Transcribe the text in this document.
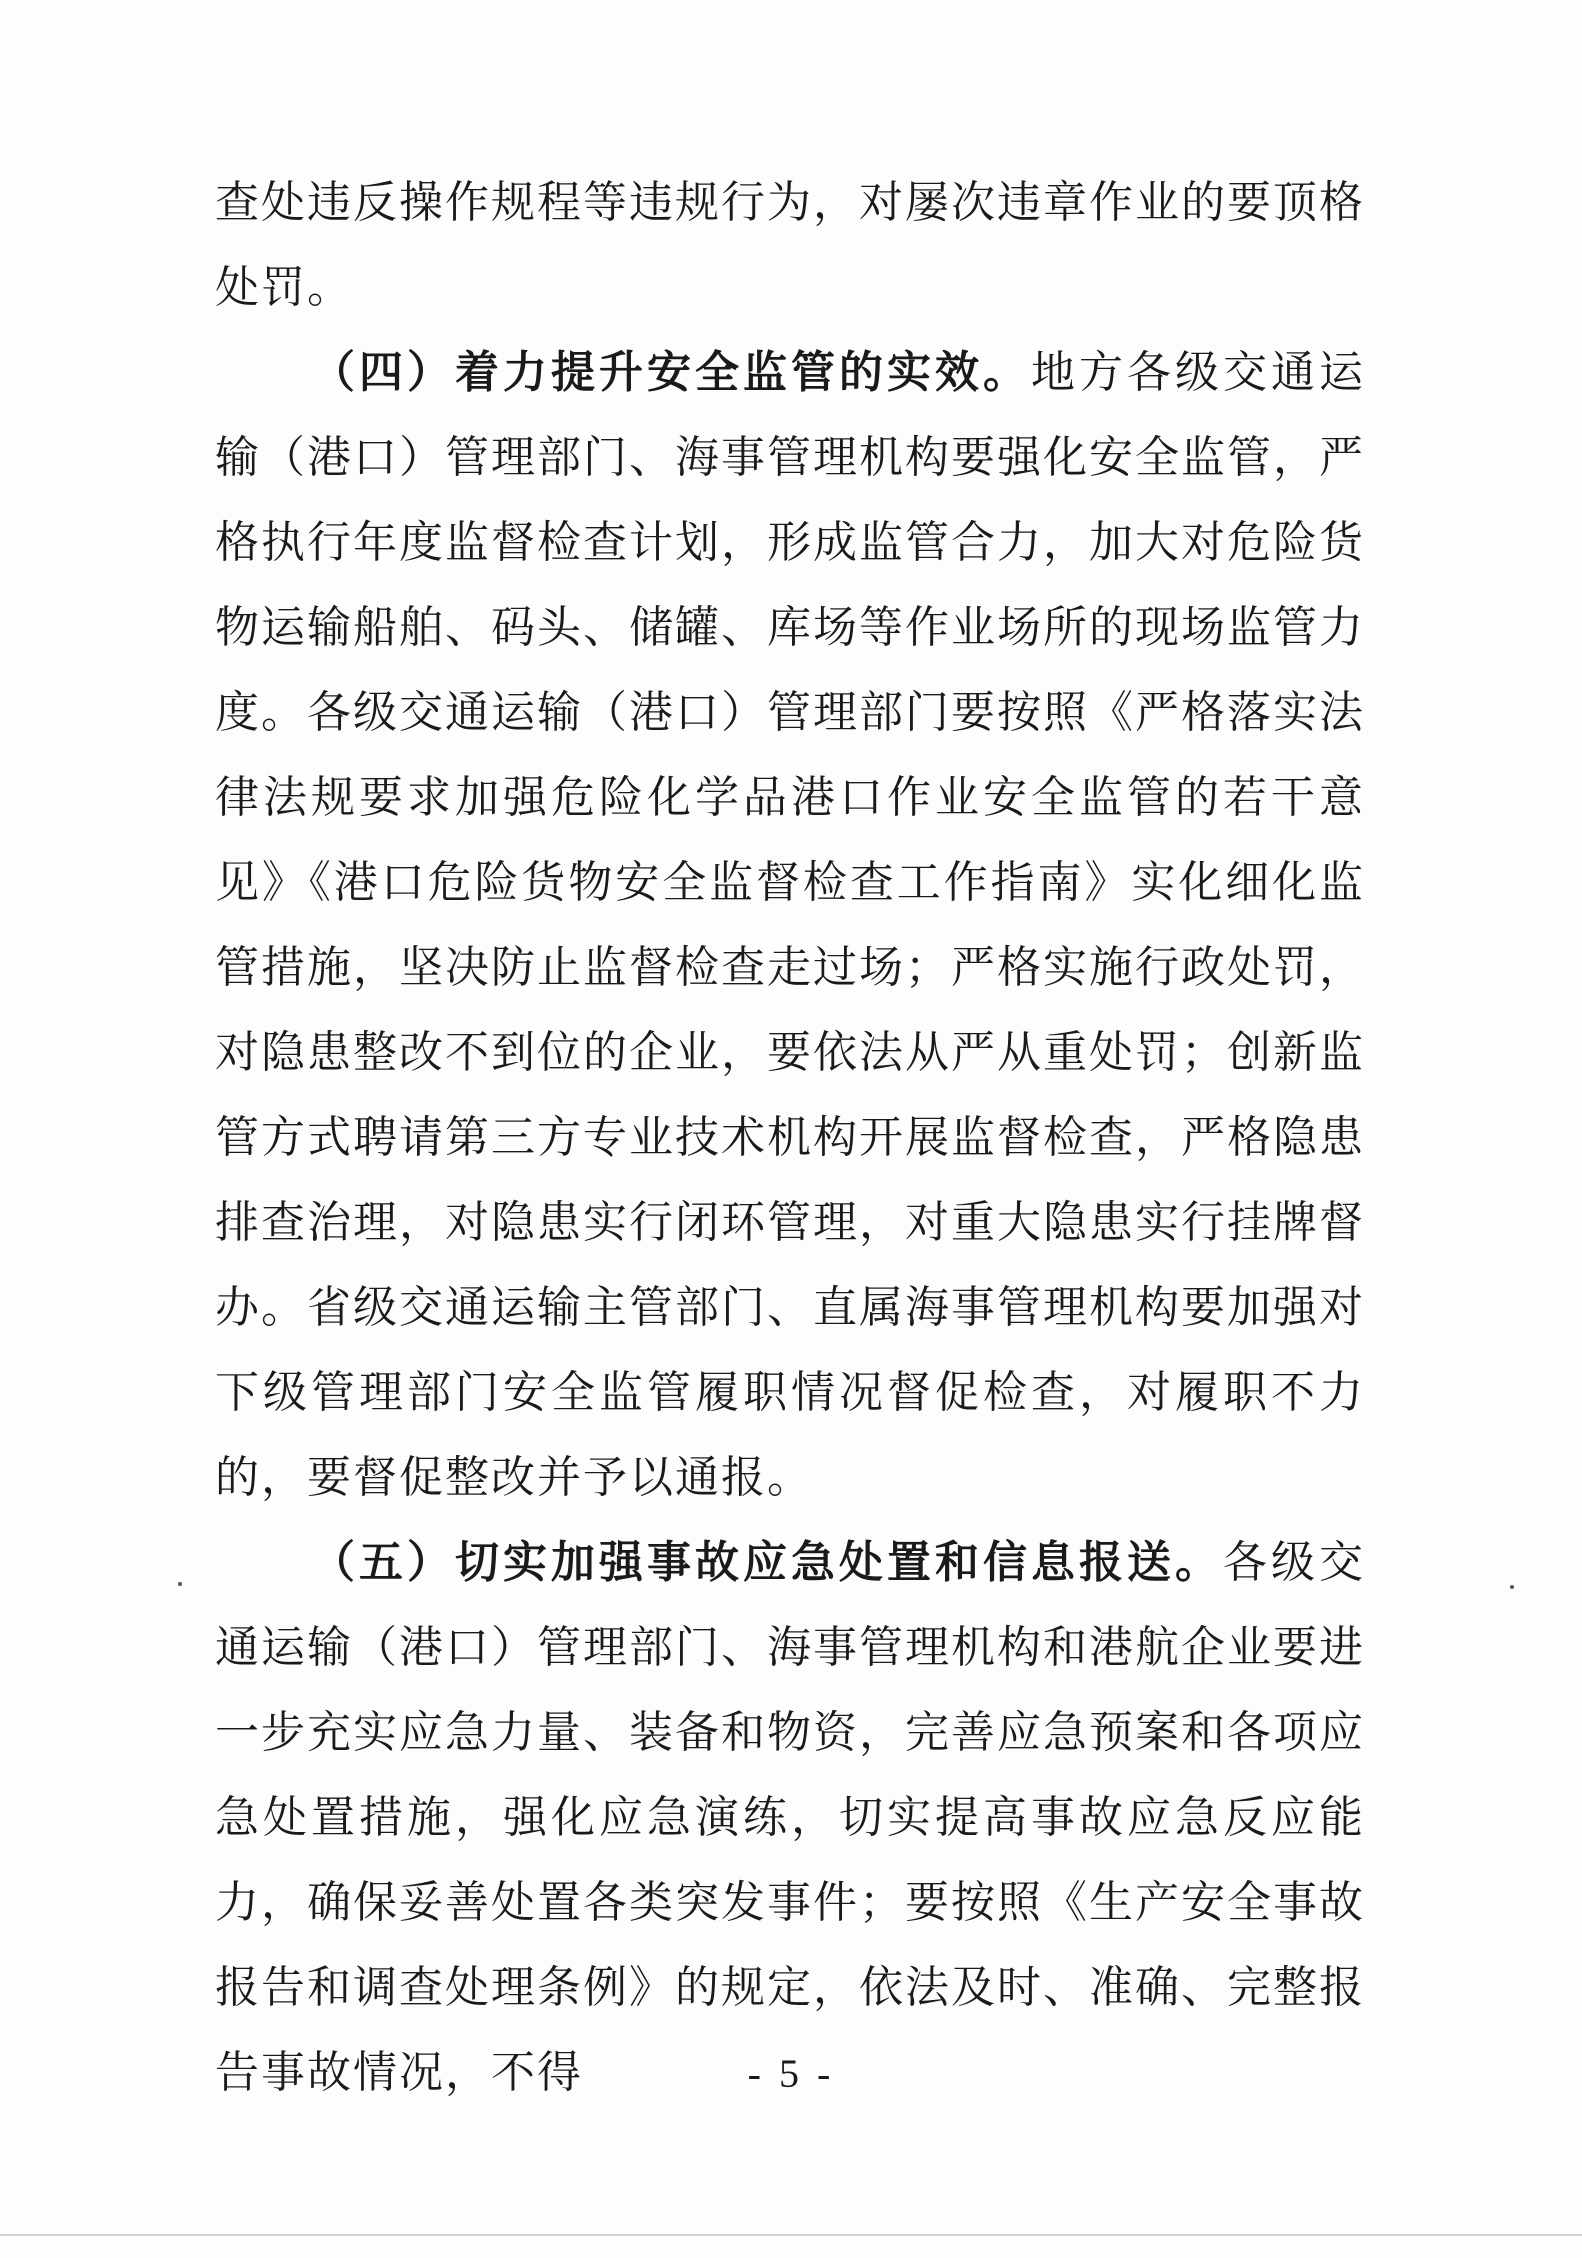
查处违反操作规程等违规行为，对屡次违章作业的要顶格处罚。

（四）着力提升安全监管的实效。地方各级交通运输（港口）管理部门、海事管理机构要强化安全监管，严格执行年度监督检查计划，形成监管合力，加大对危险货物运输船舶、码头、储罐、库场等作业场所的现场监管力度。各级交通运输（港口）管理部门要按照《严格落实法律法规要求加强危险化学品港口作业安全监管的若干意见》《港口危险货物安全监督检查工作指南》实化细化监管措施，坚决防止监督检查走过场；严格实施行政处罚，对隐患整改不到位的企业，要依法从严从重处罚；创新监管方式聘请第三方专业技术机构开展监督检查，严格隐患排查治理，对隐患实行闭环管理，对重大隐患实行挂牌督办。省级交通运输主管部门、直属海事管理机构要加强对下级管理部门安全监管履职情况督促检查，对履职不力的，要督促整改并予以通报。

（五）切实加强事故应急处置和信息报送。各级交通运输（港口）管理部门、海事管理机构和港航企业要进一步充实应急力量、装备和物资，完善应急预案和各项应急处置措施，强化应急演练，切实提高事故应急反应能力，确保妥善处置各类突发事件；要按照《生产安全事故报告和调查处理条例》的规定，依法及时、准确、完整报告事故情况，不得	- 5 -
